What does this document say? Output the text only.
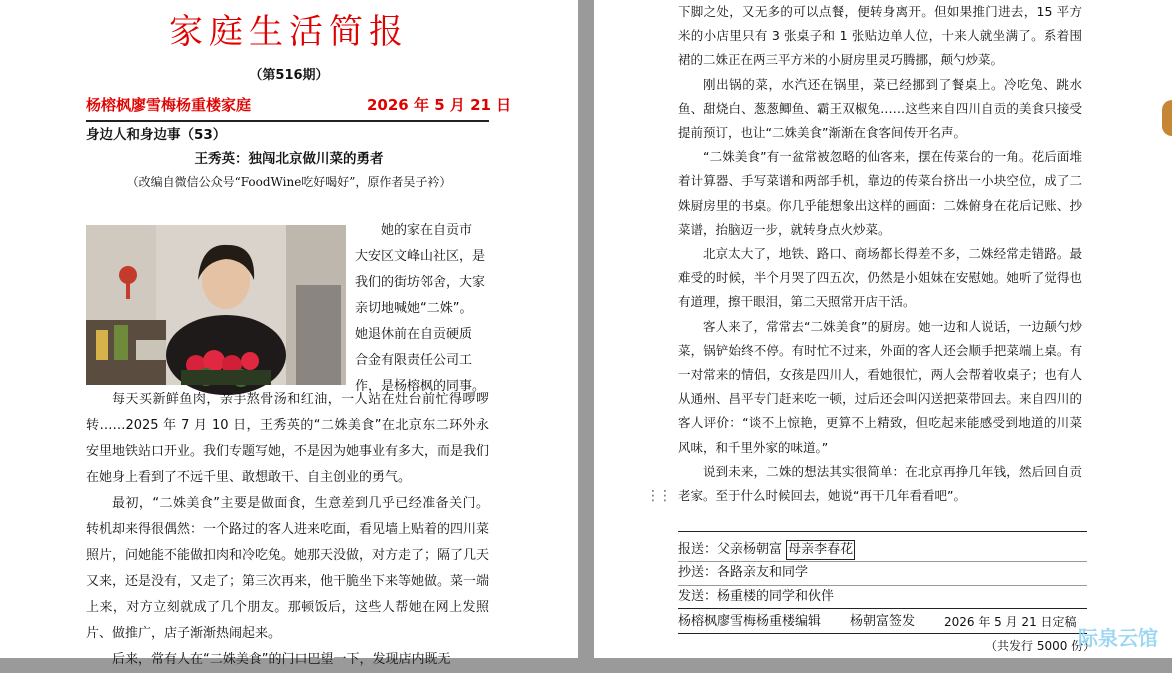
家庭生活简报
（第516期）
杨榕枫廖雪梅杨重楼家庭	2026 年 5 月 21 日
身边人和身边事（53）
王秀英：独闯北京做川菜的勇者
（改编自微信公众号“FoodWine吃好喝好”，原作者吴子衿）
她的家在自贡市
大安区文峰山社区，是
我们的街坊邻舍，大家
亲切地喊她“二姝”。
她退休前在自贡硬质
合金有限责任公司工
作，是杨榕枫的同事。

每天买新鲜鱼肉，亲手熬骨汤和红油，一人站在灶台前忙得啰啰转……2025 年 7 月 10 日，王秀英的“二姝美食”在北京东二环外永安里地铁站口开业。我们专题写她，不是因为她事业有多大，而是我们在她身上看到了不远千里、敢想敢干、自主创业的勇气。

最初，“二姝美食”主要是做面食，生意差到几乎已经准备关门。转机却来得很偶然：一个路过的客人进来吃面，看见墙上贴着的四川菜照片，问她能不能做扣肉和冷吃兔。她那天没做，对方走了；隔了几天又来，还是没有，又走了；第三次再来，他干脆坐下来等她做。菜一端上来，对方立刻就成了几个朋友。那顿饭后，这些人帮她在网上发照片、做推广，店子渐渐热闹起来。

后来，常有人在“二姝美食”的门口巴望一下，发现店内既无

下脚之处，又无多的可以点餐，便转身离开。但如果推门进去，15 平方米的小店里只有 3 张桌子和 1 张贴边单人位，十来人就坐满了。系着围裙的二姝正在两三平方米的小厨房里灵巧腾挪，颠勺炒菜。

刚出锅的菜，水汽还在锅里，菜已经挪到了餐桌上。冷吃兔、跳水鱼、甜烧白、葱葱鲫鱼、霸王双椒兔……这些来自四川自贡的美食只接受提前预订，也让“二姝美食”渐渐在食客间传开名声。

“二姝美食”有一盆常被忽略的仙客来，摆在传菜台的一角。花后面堆着计算器、手写菜谱和两部手机，靠边的传菜台挤出一小块空位，成了二姝厨房里的书桌。你几乎能想象出这样的画面：二姝俯身在花后记账、抄菜谱，抬脑迈一步，就转身点火炒菜。

北京太大了，地铁、路口、商场都长得差不多，二姝经常走错路。最难受的时候，半个月哭了四五次，仍然是小姐妹在安慰她。她听了觉得也有道理，擦干眼泪，第二天照常开店干活。

客人来了，常常去“二姝美食”的厨房。她一边和人说话，一边颠勺炒菜，锅铲始终不停。有时忙不过来，外面的客人还会顺手把菜端上桌。有一对常来的情侣，女孩是四川人，看她很忙，两人会帮着收桌子；也有人从通州、昌平专门赶来吃一顿，过后还会叫闪送把菜带回去。来自四川的客人评价：“谈不上惊艳，更算不上精致，但吃起来能感受到地道的川菜风味，和千里外家的味道。”

说到未来，二姝的想法其实很简单：在北京再挣几年钱，然后回自贡老家。至于什么时候回去，她说“再干几年看看吧”。

⋮⋮
报送：父亲杨朝富 母亲李春花
抄送：各路亲友和同学
发送：杨重楼的同学和伙伴
杨榕枫廖雪梅杨重楼编辑 杨朝富签发 2026 年 5 月 21 日定稿
（共发行 5000 份）
际泉云馆
